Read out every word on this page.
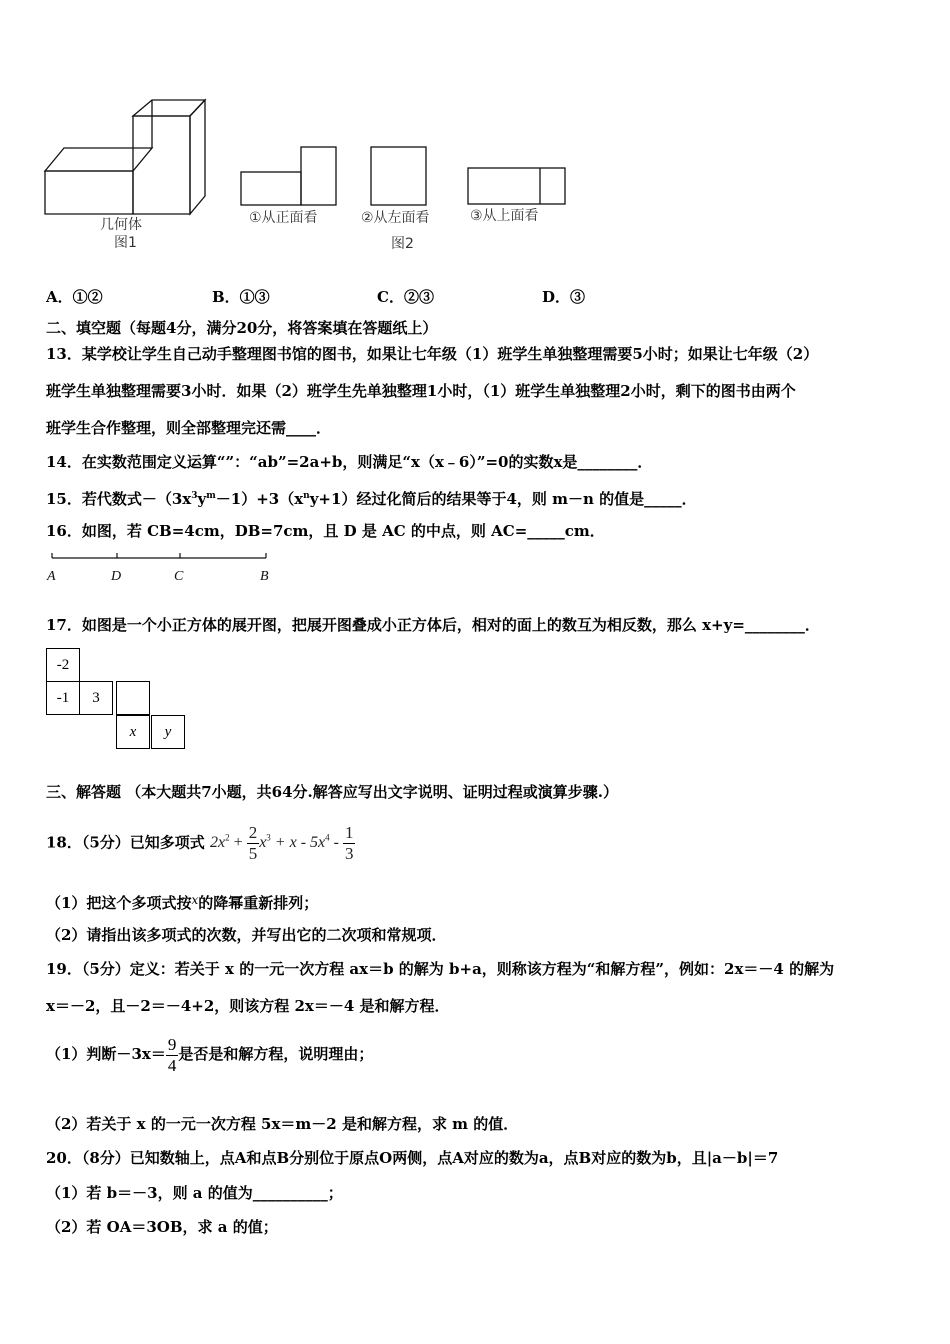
几何体
图1
①从正面看	②从左面看	③从上面看
图2
A．①②	B．①③	C．②③	D．③
二、填空题（每题4分，满分20分，将答案填在答题纸上）
13．某学校让学生自己动手整理图书馆的图书，如果让七年级（1）班学生单独整理需要5小时；如果让七年级（2）
班学生单独整理需要3小时．如果（2）班学生先单独整理1小时，（1）班学生单独整理2小时，剩下的图书由两个
班学生合作整理，则全部整理完还需____．
14．在实数范围定义运算“”：“ab”=2a+b，则满足“x（x﹣6）”=0的实数x是________．
15．若代数式$-(3x^3y^m-1)+3(x^ny+1)$经过化简后的结果等于4，则 m－n 的值是_____．
16．如图，若 CB=4cm，DB=7cm，且 D 是 AC 的中点，则 AC=_____cm．
A	D	C	B
17．如图是一个小正方体的展开图，把展开图叠成小正方体后，相对的面上的数互为相反数，那么 x+y=________．
-2
-1	3
x	y
三、解答题 （本大题共7小题，共64分.解答应写出文字说明、证明过程或演算步骤.）
18．（5分）已知多项式 $2x^2 + \frac{2}{5} x^3 + x - 5x^4 - \frac{1}{3}$
（1）把这个多项式按$^x$的降幂重新排列；
（2）请指出该多项式的次数，并写出它的二次项和常规项．
19．（5分）定义：若关于 x 的一元一次方程 ax＝b 的解为 b+a，则称该方程为“和解方程”，例如：2x＝－4 的解为
x＝－2，且－2＝－4+2，则该方程 2x＝－4 是和解方程．
（1）判断$-3x= \frac{9}{4}$ 是否是和解方程，说明理由；
（2）若关于 x 的一元一次方程 5x＝m－2 是和解方程，求 m 的值．
20．（8分）已知数轴上，点A和点B分别位于原点O两侧，点A对应的数为a，点B对应的数为b，且|a－b|＝7
（1）若 b＝－3，则 a 的值为__________；
（2）若 OA＝3OB，求 a 的值；
